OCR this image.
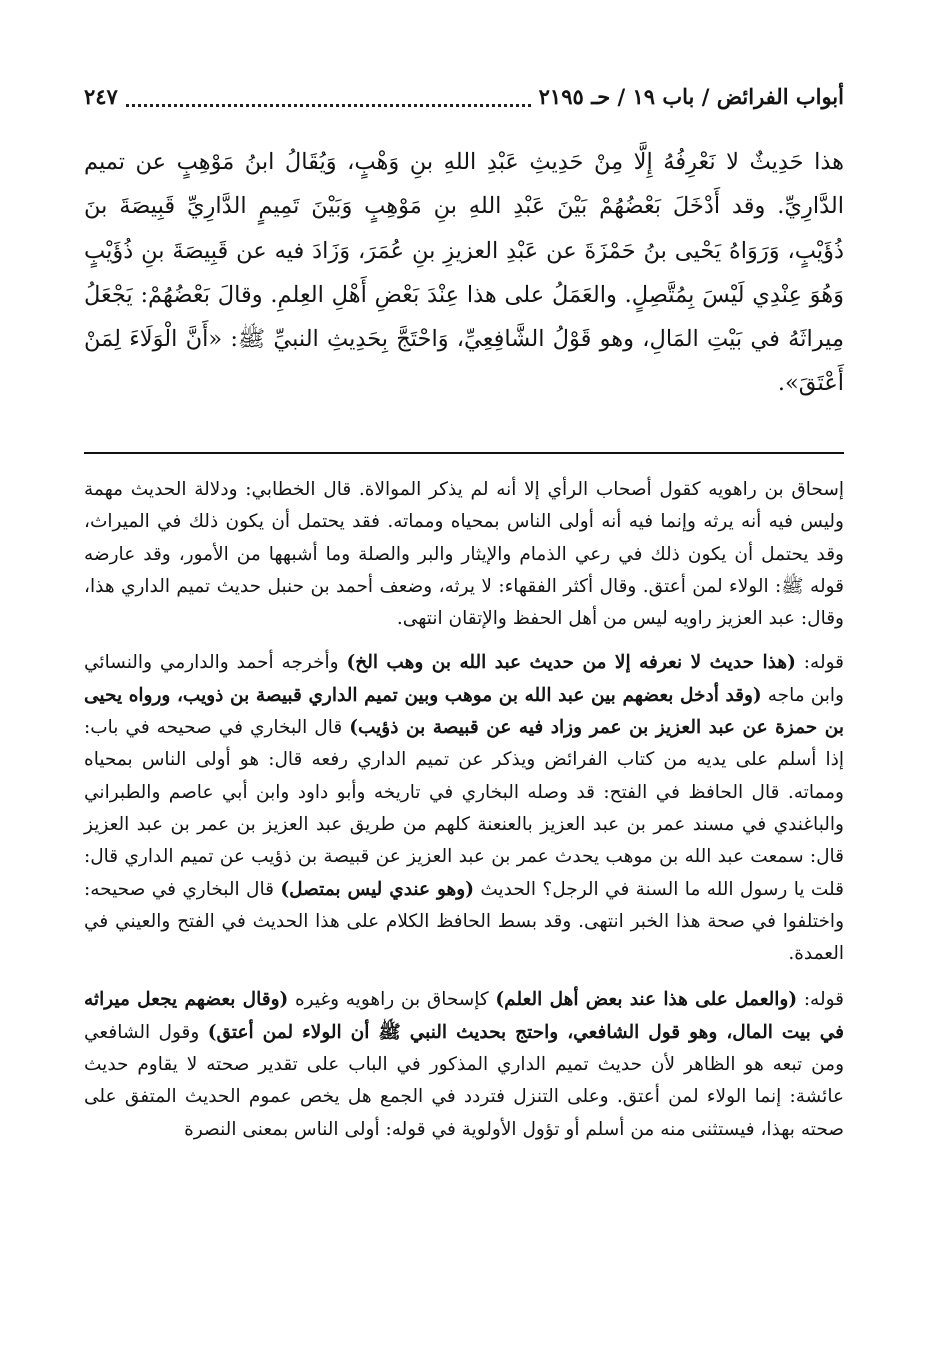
أبواب الفرائض / باب ١٩ / حـ ٢١٩٥
٢٤٧

هذا حَدِيثٌ لا نَعْرِفُهُ إِلَّا مِنْ حَدِيثِ عَبْدِ اللهِ بنِ وَهْبٍ، وَيُقَالُ ابنُ مَوْهِبٍ عن تميم الدَّارِيِّ. وقد أَدْخَلَ بَعْضُهُمْ بَيْنَ عَبْدِ اللهِ بنِ مَوْهِبٍ وَبَيْنَ تَمِيمٍ الدَّارِيِّ قَبِيصَةَ بنَ ذُؤَيْبٍ، وَرَوَاهُ يَحْيى بنُ حَمْزَةَ عن عَبْدِ العزيزِ بنِ عُمَرَ، وَزَادَ فيه عن قَبِيصَةَ بنِ ذُؤَيْبٍ وَهُوَ عِنْدِي لَيْسَ بِمُتَّصِلٍ. والعَمَلُ على هذا عِنْدَ بَعْضِ أَهْلِ العِلمِ. وقالَ بَعْضُهُمْ: يَجْعَلُ مِيراثَهُ في بَيْتِ المَالِ، وهو قَوْلُ الشَّافِعِيِّ، وَاحْتَجَّ بِحَدِيثِ النبيِّ ﷺ: «أَنَّ الْوَلَاءَ لِمَنْ أَعْتَقَ».

إسحاق بن راهويه كقول أصحاب الرأي إلا أنه لم يذكر الموالاة. قال الخطابي: ودلالة الحديث مهمة وليس فيه أنه يرثه وإنما فيه أنه أولى الناس بمحياه ومماته. فقد يحتمل أن يكون ذلك في الميراث، وقد يحتمل أن يكون ذلك في رعي الذمام والإيثار والبر والصلة وما أشبهها من الأمور، وقد عارضه قوله ﷺ: الولاء لمن أعتق. وقال أكثر الفقهاء: لا يرثه، وضعف أحمد بن حنبل حديث تميم الداري هذا، وقال: عبد العزيز راويه ليس من أهل الحفظ والإتقان انتهى.

قوله: (هذا حديث لا نعرفه إلا من حديث عبد الله بن وهب الخ) وأخرجه أحمد والدارمي والنسائي وابن ماجه (وقد أدخل بعضهم بين عبد الله بن موهب وبين تميم الداري قبيصة بن ذويب، ورواه يحيى بن حمزة عن عبد العزيز بن عمر وزاد فيه عن قبيصة بن ذؤيب) قال البخاري في صحيحه في باب: إذا أسلم على يديه من كتاب الفرائض ويذكر عن تميم الداري رفعه قال: هو أولى الناس بمحياه ومماته. قال الحافظ في الفتح: قد وصله البخاري في تاريخه وأبو داود وابن أبي عاصم والطبراني والباغندي في مسند عمر بن عبد العزيز بالعنعنة كلهم من طريق عبد العزيز بن عمر بن عبد العزيز قال: سمعت عبد الله بن موهب يحدث عمر بن عبد العزيز عن قبيصة بن ذؤيب عن تميم الداري قال: قلت يا رسول الله ما السنة في الرجل؟ الحديث (وهو عندي ليس بمتصل) قال البخاري في صحيحه: واختلفوا في صحة هذا الخبر انتهى. وقد بسط الحافظ الكلام على هذا الحديث في الفتح والعيني في العمدة.

قوله: (والعمل على هذا عند بعض أهل العلم) كإسحاق بن راهويه وغيره (وقال بعضهم يجعل ميراثه في بيت المال، وهو قول الشافعي، واحتج بحديث النبي ﷺ أن الولاء لمن أعتق) وقول الشافعي ومن تبعه هو الظاهر لأن حديث تميم الداري المذكور في الباب على تقدير صحته لا يقاوم حديث عائشة: إنما الولاء لمن أعتق. وعلى التنزل فتردد في الجمع هل يخص عموم الحديث المتفق على صحته بهذا، فيستثنى منه من أسلم أو تؤول الأولوية في قوله: أولى الناس بمعنى النصرة
